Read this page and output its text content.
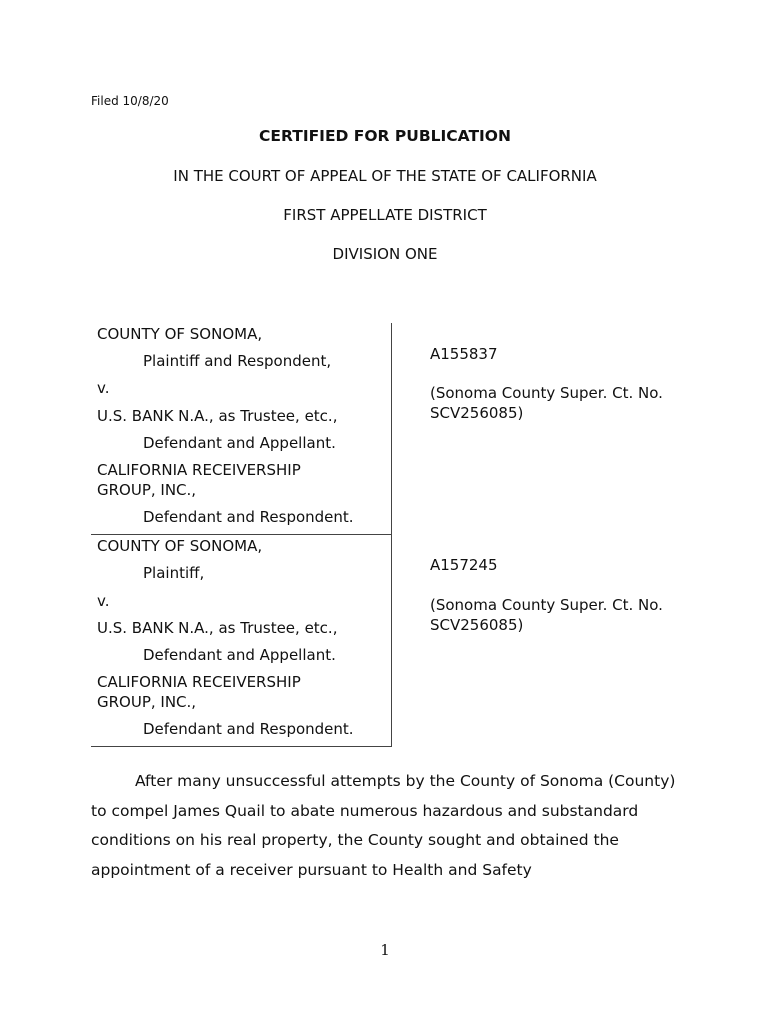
Filed 10/8/20
CERTIFIED FOR PUBLICATION
IN THE COURT OF APPEAL OF THE STATE OF CALIFORNIA
FIRST APPELLATE DISTRICT
DIVISION ONE
COUNTY OF SONOMA,
Plaintiff and Respondent,
v.
U.S. BANK N.A., as Trustee, etc.,
Defendant and Appellant.
CALIFORNIA RECEIVERSHIP GROUP, INC.,
Defendant and Respondent.
A155837
(Sonoma County Super. Ct. No. SCV256085)
COUNTY OF SONOMA,
Plaintiff,
v.
U.S. BANK N.A., as Trustee, etc.,
Defendant and Appellant.
CALIFORNIA RECEIVERSHIP GROUP, INC.,
Defendant and Respondent.
A157245
(Sonoma County Super. Ct. No. SCV256085)

After many unsuccessful attempts by the County of Sonoma (County) to compel James Quail to abate numerous hazardous and substandard conditions on his real property, the County sought and obtained the appointment of a receiver pursuant to Health and Safety

1
